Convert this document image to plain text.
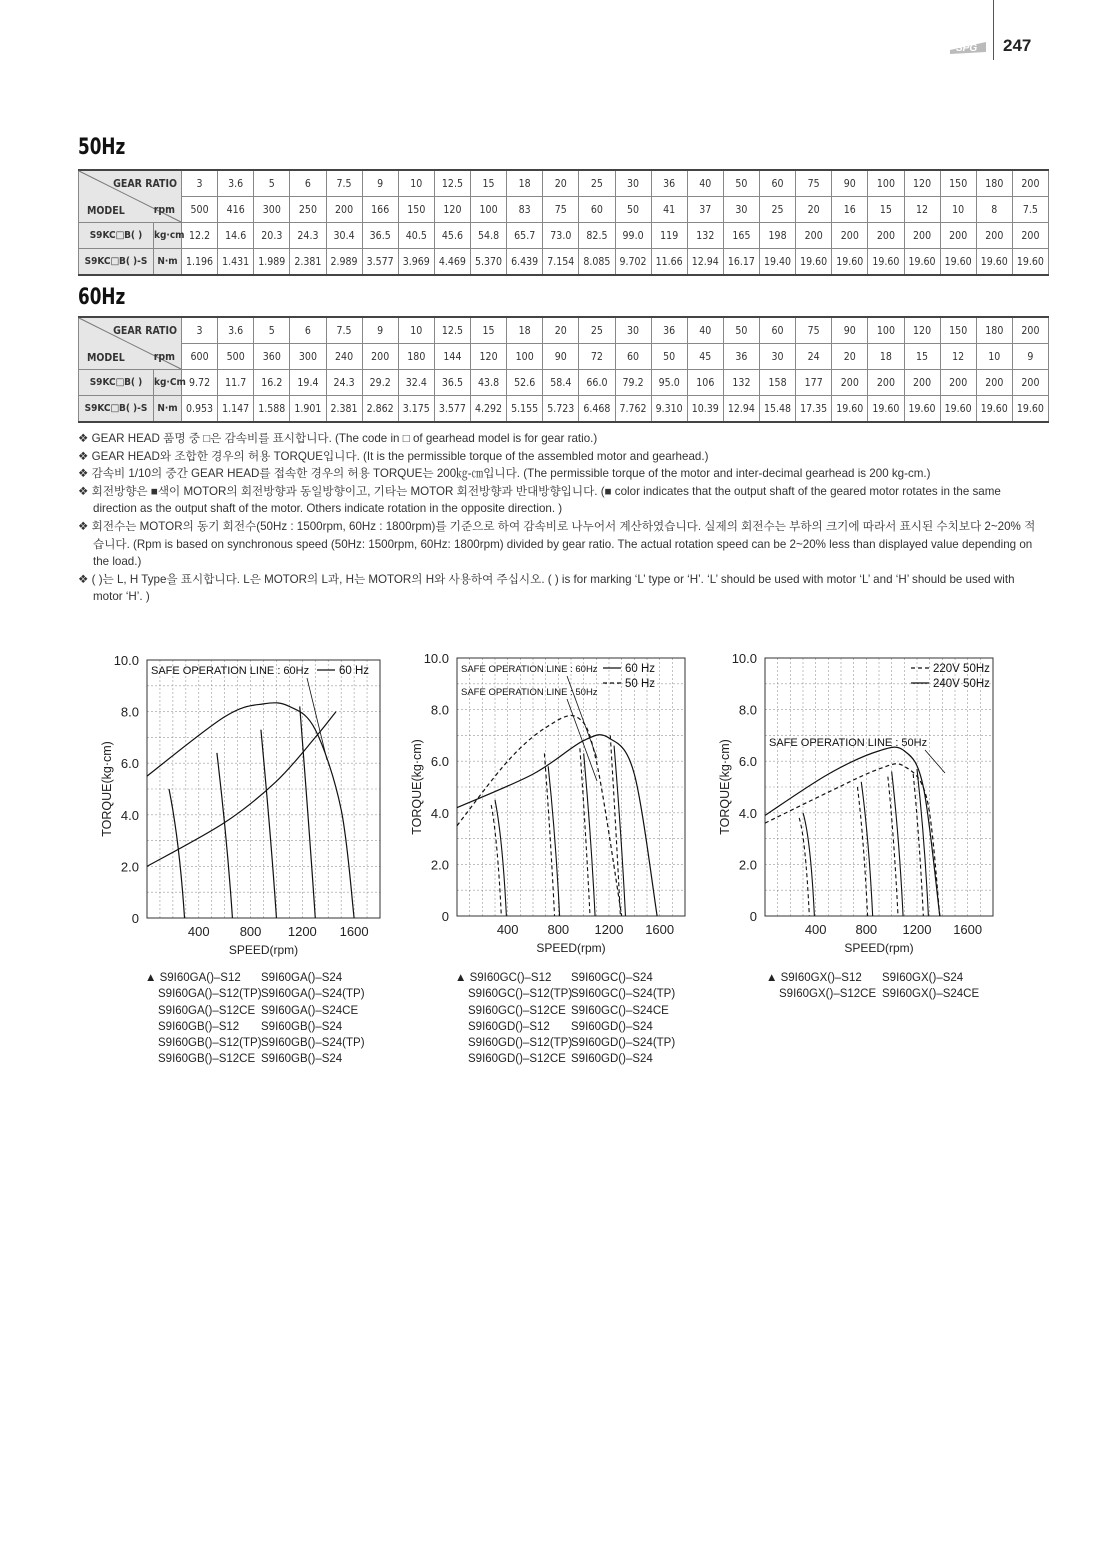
SPG 247
50Hz
GEAR RATIO
MODEL rpm		3	3.6	5	6	7.5	9	10	12.5	15	18	20	25	30	36	40	50	60	75	90	100	120	150	180	200
		500	416	300	250	200	166	150	120	100	83	75	60	50	41	37	30	25	20	16	15	12	10	8	7.5
S9KC□B( )	kg·cm	12.2	14.6	20.3	24.3	30.4	36.5	40.5	45.6	54.8	65.7	73.0	82.5	99.0	119	132	165	198	200	200	200	200	200	200	200
S9KC□B( )-S	N·m	1.196	1.431	1.989	2.381	2.989	3.577	3.969	4.469	5.370	6.439	7.154	8.085	9.702	11.66	12.94	16.17	19.40	19.60	19.60	19.60	19.60	19.60	19.60	19.60
60Hz
GEAR RATIO
MODEL rpm		3	3.6	5	6	7.5	9	10	12.5	15	18	20	25	30	36	40	50	60	75	90	100	120	150	180	200
		600	500	360	300	240	200	180	144	120	100	90	72	60	50	45	36	30	24	20	18	15	12	10	9
S9KC□B( )	kg·Cm	9.72	11.7	16.2	19.4	24.3	29.2	32.4	36.5	43.8	52.6	58.4	66.0	79.2	95.0	106	132	158	177	200	200	200	200	200	200
S9KC□B( )-S	N·m	0.953	1.147	1.588	1.901	2.381	2.862	3.175	3.577	4.292	5.155	5.723	6.468	7.762	9.310	10.39	12.94	15.48	17.35	19.60	19.60	19.60	19.60	19.60	19.60

❖ GEAR HEAD 품명 중 □은 감속비를 표시합니다. (The code in □ of gearhead model is for gear ratio.)

❖ GEAR HEAD와 조합한 경우의 허용 TORQUE입니다. (It is the permissible torque of the assembled motor and gearhead.)

❖ 감속비 1/10의 중간 GEAR HEAD를 접속한 경우의 허용 TORQUE는 200㎏-㎝입니다. (The permissible torque of the motor and inter-decimal gearhead is 200 kg-cm.)

❖ 회전방향은 ■색이 MOTOR의 회전방향과 동일방향이고, 기타는 MOTOR 회전방향과 반대방향입니다. (■ color indicates that the output shaft of the geared motor rotates in the same direction as the output shaft of the motor. Others indicate rotation in the opposite direction. )

❖ 회전수는 MOTOR의 동기 회전수(50Hz : 1500rpm, 60Hz : 1800rpm)를 기준으로 하여 감속비로 나누어서 계산하였습니다. 실제의 회전수는 부하의 크기에 따라서 표시된 수치보다 2~20% 적습니다. (Rpm is based on synchronous speed (50Hz: 1500rpm, 60Hz: 1800rpm) divided by gear ratio. The actual rotation speed can be 2~20% less than displayed value depending on the load.)

❖ ( )는 L, H Type을 표시합니다. L은 MOTOR의 L과, H는 MOTOR의 H와 사용하여 주십시오. ( ) is for marking ‘L’ type or ‘H’. ‘L’ should be used with motor ‘L’ and ‘H’ should be used with motor ‘H’. )

0
2.0
4.0
6.0
8.0
10.0
400 800 1200 1600
SPEED(rpm)
TORQUE(kg·cm)
SAFE OPERATION LINE : 60Hz	60 Hz
0
2.0
4.0
6.0
8.0
10.0
400 800 1200 1600
SPEED(rpm)
TORQUE(kg·cm)
SAFE OPERATION LINE : 60Hz
SAFE OPERATION LINE : 50Hz
60 Hz
50 Hz
0
2.0
4.0
6.0
8.0
10.0
400 800 1200 1600
SPEED(rpm)
TORQUE(kg·cm)	SAFE OPERATION LINE : 50Hz
220V 50Hz
240V 50Hz
▲ S9I60GA()–S12 S9I60GA()–S24
S9I60GA()–S12(TP)S9I60GA()–S24(TP)
S9I60GA()–S12CE S9I60GA()–S24CE
S9I60GB()–S12 S9I60GB()–S24
S9I60GB()–S12(TP)S9I60GB()–S24(TP)
S9I60GB()–S12CE S9I60GB()–S24
▲ S9I60GC()–S12 S9I60GC()–S24
S9I60GC()–S12(TP)S9I60GC()–S24(TP)
S9I60GC()–S12CE S9I60GC()–S24CE
S9I60GD()–S12 S9I60GD()–S24
S9I60GD()–S12(TP)S9I60GD()–S24(TP)
S9I60GD()–S12CE S9I60GD()–S24
▲ S9I60GX()–S12 S9I60GX()–S24
S9I60GX()–S12CE S9I60GX()–S24CE
